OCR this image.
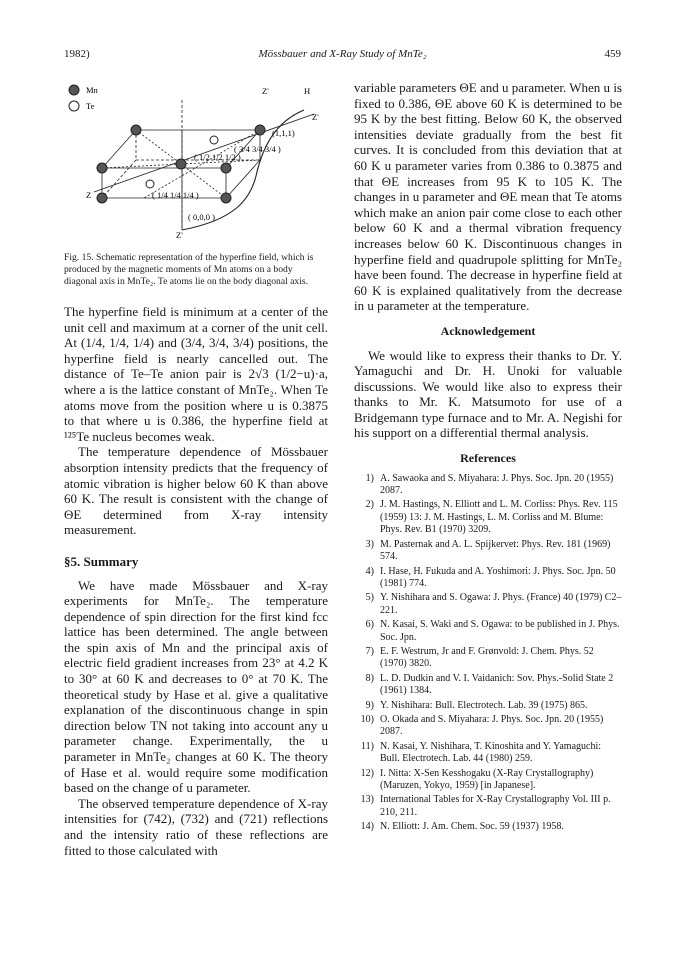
1982)	Mössbauer and X-Ray Study of MnTe₂	459
Mn
Te
Z'	H
Z'
Z
Z'
(1,1,1)
( 1/2 1/2 1/2 )
( 3/4 3/4 3/4 )
( 1/4 1/4 1/4 )
( 0,0,0 )

Fig. 15. Schematic representation of the hyperfine field, which is produced by the magnetic moments of Mn atoms on a body diagonal axis in MnTe₂. Te atoms lie on the body diagonal axis.

The hyperfine field is minimum at a center of the unit cell and maximum at a corner of the unit cell. At (1/4, 1/4, 1/4) and (3/4, 3/4, 3/4) positions, the hyperfine field is nearly cancelled out. The distance of Te–Te anion pair is 2√3 (1/2−u)·a, where a is the lattice constant of MnTe₂. When Te atoms move from the position where u is 0.3875 to that where u is 0.386, the hyperfine field at ¹²⁵Te nucleus becomes weak.

The temperature dependence of Mössbauer absorption intensity predicts that the frequency of atomic vibration is higher below 60 K than above 60 K. The result is consistent with the change of ΘE determined from X-ray intensity measurement.

§5. Summary

We have made Mössbauer and X-ray experiments for MnTe₂. The temperature dependence of spin direction for the first kind fcc lattice has been determined. The angle between the spin axis of Mn and the principal axis of electric field gradient increases from 23° at 4.2 K to 30° at 60 K and decreases to 0° at 70 K. The theoretical study by Hase et al. give a qualitative explanation of the discontinuous change in spin direction below TN not taking into account any u parameter change. Experimentally, the u parameter in MnTe₂ changes at 60 K. The theory of Hase et al. would require some modification based on the change of u parameter.

The observed temperature dependence of X-ray intensities for (742), (732) and (721) reflections and the intensity ratio of these reflections are fitted to those calculated with

variable parameters ΘE and u parameter. When u is fixed to 0.386, ΘE above 60 K is determined to be 95 K by the best fitting. Below 60 K, the observed intensities deviate gradually from the best fit curves. It is concluded from this deviation that at 60 K u parameter varies from 0.386 to 0.3875 and that ΘE increases from 95 K to 105 K. The changes in u parameter and ΘE mean that Te atoms which make an anion pair come close to each other below 60 K and a thermal vibration frequency increases below 60 K. Discontinuous changes in hyperfine field and quadrupole splitting for MnTe₂ have been found. The decrease in hyperfine field at 60 K is explained qualitatively from the decrease in u parameter at the temperature.

Acknowledgement

We would like to express their thanks to Dr. Y. Yamaguchi and Dr. H. Unoki for valuable discussions. We would like also to express their thanks to Mr. K. Matsumoto for use of a Bridgemann type furnace and to Mr. A. Negishi for his support on a differential thermal analysis.

References

1) A. Sawaoka and S. Miyahara: J. Phys. Soc. Jpn. 20 (1955) 2087.
2) J. M. Hastings, N. Elliott and L. M. Corliss: Phys. Rev. 115 (1959) 13: J. M. Hastings, L. M. Corliss and M. Blume: Phys. Rev. B1 (1970) 3209.
3) M. Pasternak and A. L. Spijkervet: Phys. Rev. 181 (1969) 574.
4) I. Hase, H. Fukuda and A. Yoshimori: J. Phys. Soc. Jpn. 50 (1981) 774.
5) Y. Nishihara and S. Ogawa: J. Phys. (France) 40 (1979) C2–221.
6) N. Kasai, S. Waki and S. Ogawa: to be published in J. Phys. Soc. Jpn.
7) E. F. Westrum, Jr and F. Grønvold: J. Chem. Phys. 52 (1970) 3820.
8) L. D. Dudkin and V. I. Vaidanich: Sov. Phys.-Solid State 2 (1961) 1384.
9) Y. Nishihara: Bull. Electrotech. Lab. 39 (1975) 865.
10) O. Okada and S. Miyahara: J. Phys. Soc. Jpn. 20 (1955) 2087.
11) N. Kasai, Y. Nishihara, T. Kinoshita and Y. Yamaguchi: Bull. Electrotech. Lab. 44 (1980) 259.
12) I. Nitta: X-Sen Kesshogaku (X-Ray Crystallography) (Maruzen, Yokyo, 1959) [in Japanese].
13) International Tables for X-Ray Crystallography Vol. III p. 210, 211.
14) N. Elliott: J. Am. Chem. Soc. 59 (1937) 1958.
